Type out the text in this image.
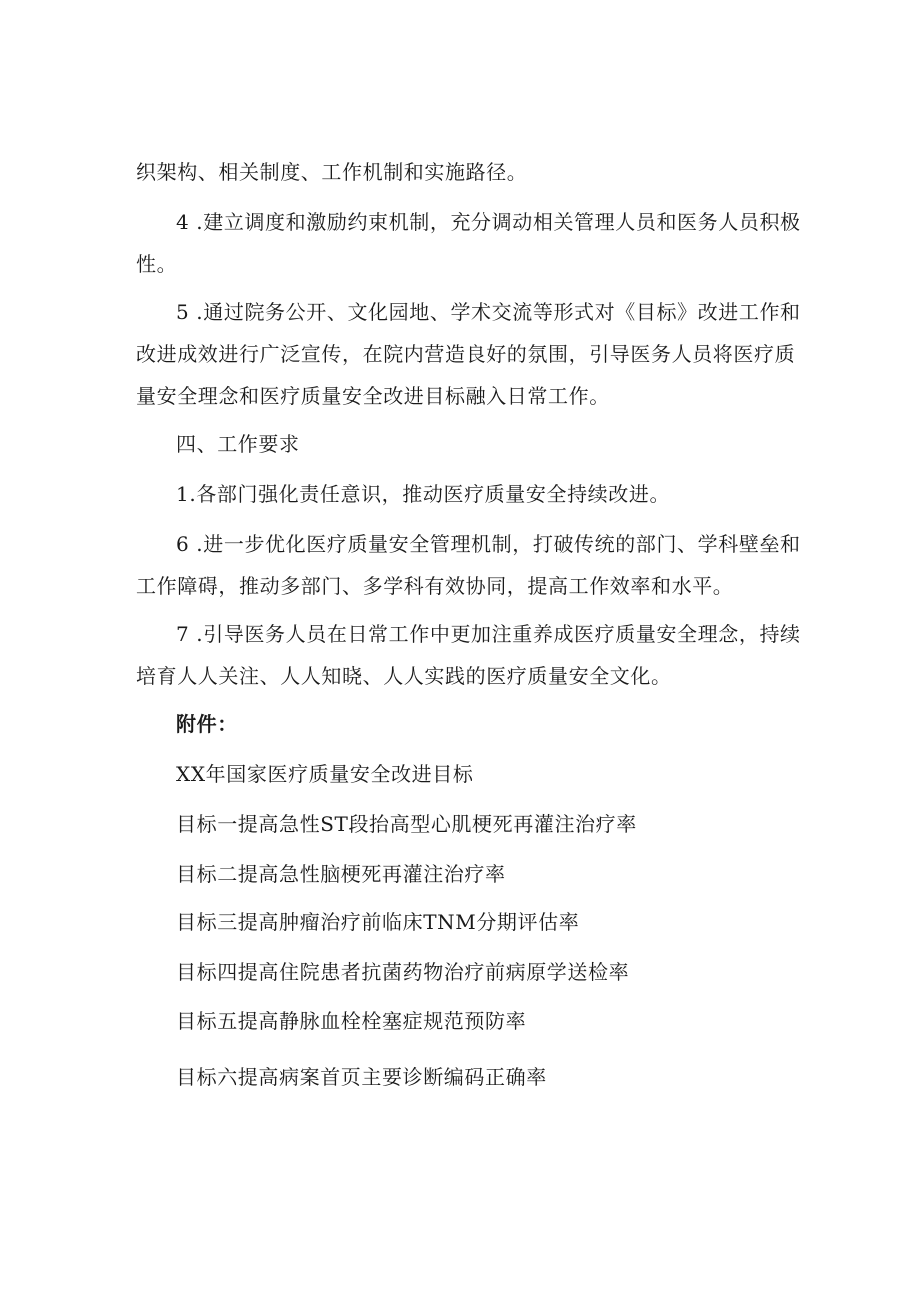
织架构、相关制度、工作机制和实施路径。
4 .建立调度和激励约束机制，充分调动相关管理人员和医务人员积极
性。
5 .通过院务公开、文化园地、学术交流等形式对《目标》改进工作和
改进成效进行广泛宣传，在院内营造良好的氛围，引导医务人员将医疗质
量安全理念和医疗质量安全改进目标融入日常工作。
四、工作要求
1.各部门强化责任意识，推动医疗质量安全持续改进。
6 .进一步优化医疗质量安全管理机制，打破传统的部门、学科壁垒和
工作障碍，推动多部门、多学科有效协同，提高工作效率和水平。
7 .引导医务人员在日常工作中更加注重养成医疗质量安全理念，持续
培育人人关注、人人知晓、人人实践的医疗质量安全文化。
附件：
XX年国家医疗质量安全改进目标
目标一提高急性ST段抬高型心肌梗死再灌注治疗率
目标二提高急性脑梗死再灌注治疗率
目标三提高肿瘤治疗前临床TNM分期评估率
目标四提高住院患者抗菌药物治疗前病原学送检率
目标五提高静脉血栓栓塞症规范预防率
目标六提高病案首页主要诊断编码正确率
